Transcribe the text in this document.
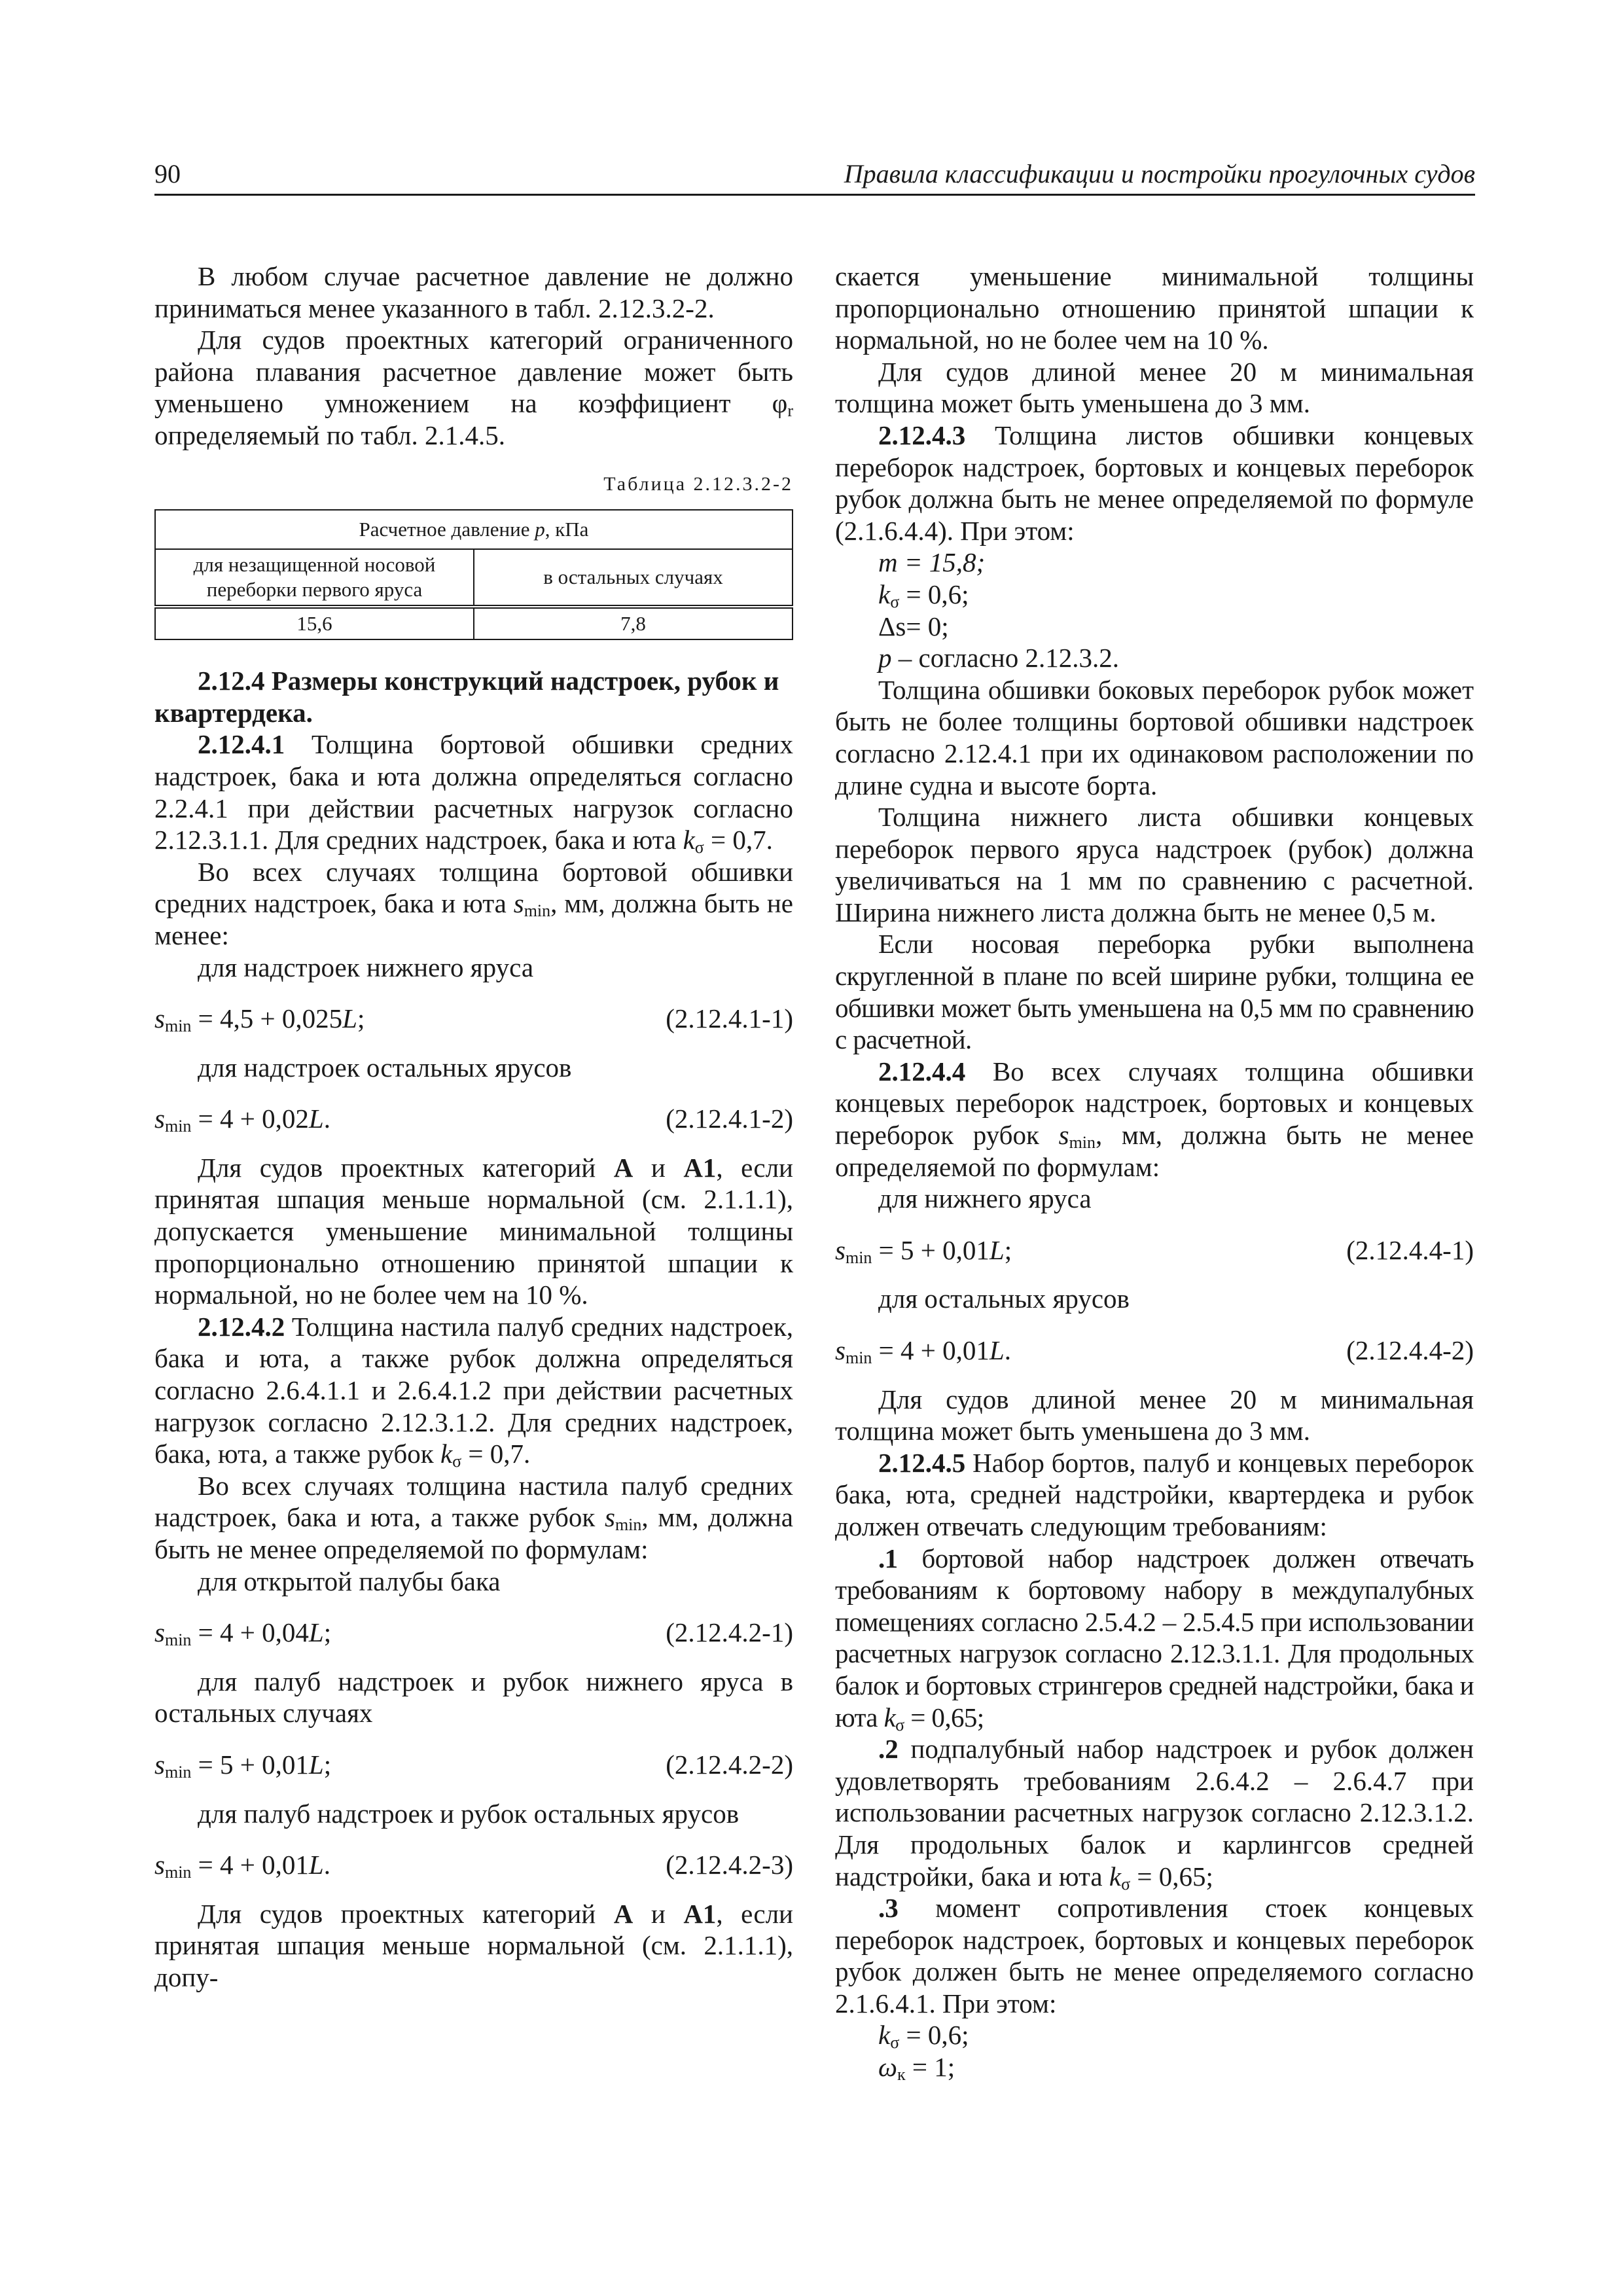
90	Правила классификации и постройки прогулочных судов

В любом случае расчетное давление не должно приниматься менее указанного в табл. 2.12.3.2-2.

Для судов проектных категорий ограниченного района плавания расчетное давление может быть уменьшено умножением на коэффициент $\varphi_r$ определяемый по табл. 2.1.4.5.

Таблица 2.12.3.2-2
Расчетное давление p, кПа	
для незащищенной носовой переборки первого яруса	в остальных случаях
15,6	7,8

2.12.4 Размеры конструкций надстроек, рубок и квартердека.

2.12.4.1 Толщина бортовой обшивки средних надстроек, бака и юта должна определяться согласно 2.2.4.1 при действии расчетных нагрузок согласно 2.12.3.1.1. Для средних надстроек, бака и юта $k_\sigma = 0,7$.

Во всех случаях толщина бортовой обшивки средних надстроек, бака и юта $s_{min}$, мм, должна быть не менее:

для надстроек нижнего яруса

$s_{min} = 4,5 + 0,025L$;	(2.12.4.1-1)

для надстроек остальных ярусов

$s_{min} = 4 + 0,02L$.	(2.12.4.1-2)

Для судов проектных категорий А и А1, если принятая шпация меньше нормальной (см. 2.1.1.1), допускается уменьшение минимальной толщины пропорционально отношению принятой шпации к нормальной, но не более чем на 10 %.

2.12.4.2 Толщина настила палуб средних надстроек, бака и юта, а также рубок должна определяться согласно 2.6.4.1.1 и 2.6.4.1.2 при действии расчетных нагрузок согласно 2.12.3.1.2. Для средних надстроек, бака, юта, а также рубок $k_\sigma = 0,7$.

Во всех случаях толщина настила палуб средних надстроек, бака и юта, а также рубок $s_{min}$, мм, должна быть не менее определяемой по формулам:

для открытой палубы бака

$s_{min} = 4 + 0,04L$;	(2.12.4.2-1)

для палуб надстроек и рубок нижнего яруса в остальных случаях

$s_{min} = 5 + 0,01L$;	(2.12.4.2-2)

для палуб надстроек и рубок остальных ярусов

$s_{min} = 4 + 0,01L$.	(2.12.4.2-3)

Для судов проектных категорий А и А1, если принятая шпация меньше нормальной (см. 2.1.1.1), допу-

скается уменьшение минимальной толщины пропорционально отношению принятой шпации к нормальной, но не более чем на 10 %.

Для судов длиной менее 20 м минимальная толщина может быть уменьшена до 3 мм.

2.12.4.3 Толщина листов обшивки концевых переборок надстроек, бортовых и концевых переборок рубок должна быть не менее определяемой по формуле (2.1.6.4.4). При этом:

m = 15,8;

$k_\sigma = 0,6$;

Δs= 0;

p – согласно 2.12.3.2.

Толщина обшивки боковых переборок рубок может быть не более толщины бортовой обшивки надстроек согласно 2.12.4.1 при их одинаковом расположении по длине судна и высоте борта.

Толщина нижнего листа обшивки концевых переборок первого яруса надстроек (рубок) должна увеличиваться на 1 мм по сравнению с расчетной. Ширина нижнего листа должна быть не менее 0,5 м.

Если носовая переборка рубки выполнена скругленной в плане по всей ширине рубки, толщина ее обшивки может быть уменьшена на 0,5 мм по сравнению с расчетной.

2.12.4.4 Во всех случаях толщина обшивки концевых переборок надстроек, бортовых и концевых переборок рубок $s_{min}$, мм, должна быть не менее определяемой по формулам:

для нижнего яруса

$s_{min} = 5 + 0,01L$;	(2.12.4.4-1)

для остальных ярусов

$s_{min} = 4 + 0,01L$.	(2.12.4.4-2)

Для судов длиной менее 20 м минимальная толщина может быть уменьшена до 3 мм.

2.12.4.5 Набор бортов, палуб и концевых переборок бака, юта, средней надстройки, квартердека и рубок должен отвечать следующим требованиям:

.1 бортовой набор надстроек должен отвечать требованиям к бортовому набору в междупалубных помещениях согласно 2.5.4.2 – 2.5.4.5 при использовании расчетных нагрузок согласно 2.12.3.1.1. Для продольных балок и бортовых стрингеров средней надстройки, бака и юта $k_\sigma = 0,65$;

.2 подпалубный набор надстроек и рубок должен удовлетворять требованиям 2.6.4.2 – 2.6.4.7 при использовании расчетных нагрузок согласно 2.12.3.1.2. Для продольных балок и карлингсов средней надстройки, бака и юта $k_\sigma = 0,65$;

.3 момент сопротивления стоек концевых переборок надстроек, бортовых и концевых переборок рубок должен быть не менее определяемого согласно 2.1.6.4.1. При этом:

$k_\sigma = 0,6$;

$\omega_к = 1$;
